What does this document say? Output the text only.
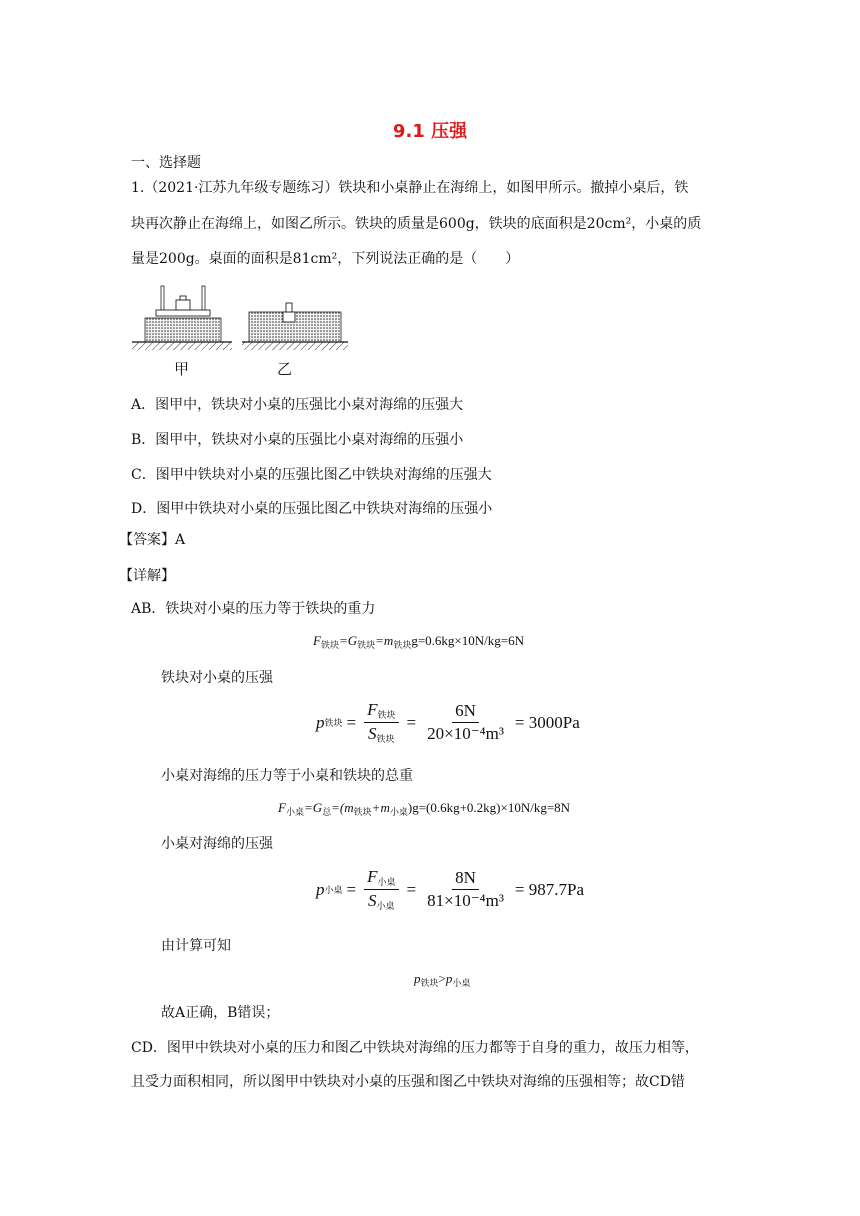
9.1 压强
一、选择题
1.（2021·江苏九年级专题练习）铁块和小桌静止在海绵上，如图甲所示。撤掉小桌后，铁
块再次静止在海绵上，如图乙所示。铁块的质量是600g，铁块的底面积是20cm²，小桌的质
量是200g。桌面的面积是81cm²，下列说法正确的是（　　）
甲	乙
A．图甲中，铁块对小桌的压强比小桌对海绵的压强大
B．图甲中，铁块对小桌的压强比小桌对海绵的压强小
C．图甲中铁块对小桌的压强比图乙中铁块对海绵的压强大
D．图甲中铁块对小桌的压强比图乙中铁块对海绵的压强小
【答案】A
【详解】
AB．铁块对小桌的压力等于铁块的重力
$F_{铁块}=G_{铁块}=m_{铁块}g=0.6kg\times 10N/kg=6N$
铁块对小桌的压强
p 铁块 = $\frac{F_{铁块}}{S_{铁块}} = \frac{6N}{\text{20×10⁻⁴m³}} = 3000Pa$
小桌对海绵的压力等于小桌和铁块的总重
$F_{小桌}=G_总=(m_{铁块}+m_{小桌})g=(0.6kg+0.2kg)\times 10N/kg=8N$
小桌对海绵的压强
p 小桌 = $\frac{F_{小桌}}{S_{小桌}} = \frac{8N}{\text{81×10⁻⁴m³}} = 987.7Pa$
由计算可知
$p_{铁块}>p_{小桌}$
故A正确，B错误；
CD．图甲中铁块对小桌的压力和图乙中铁块对海绵的压力都等于自身的重力，故压力相等，
且受力面积相同，所以图甲中铁块对小桌的压强和图乙中铁块对海绵的压强相等；故CD错
